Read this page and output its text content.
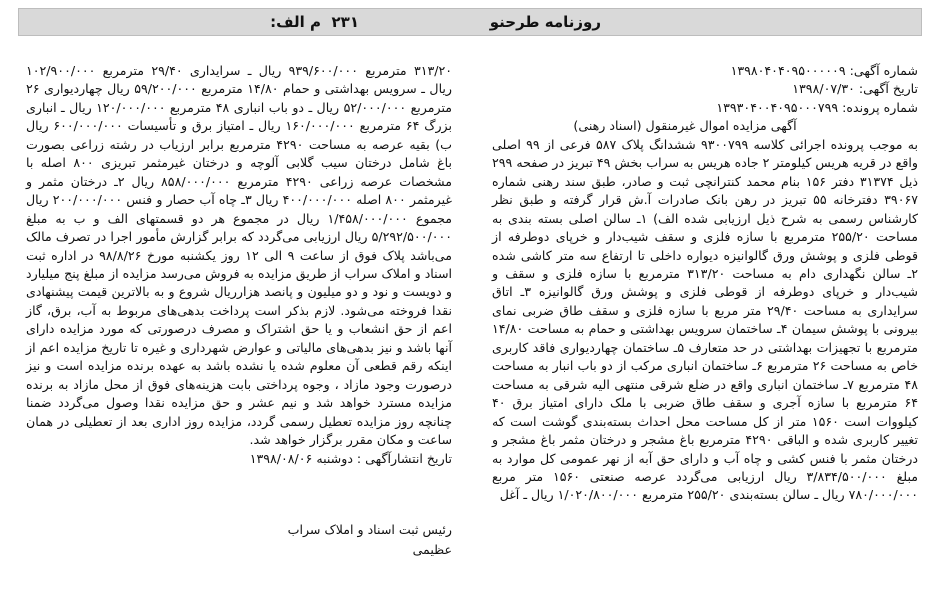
روزنامه طرحنو
۲۳۱
م الف:
شماره آگهی: ۱۳۹۸۰۴۰۴۰۹۵۰۰۰۰۰۹
تاریخ آگهی: ۱۳۹۸/۰۷/۳۰
شماره پرونده: ۱۳۹۳۰۴۰۰۴۰۹۵۰۰۰۷۹۹
آگهی مزایده اموال غیرمنقول (اسناد رهنی)

به موجب پرونده اجرائی کلاسه ۹۳۰۰۷۹۹ ششدانگ پلاک ۵۸۷ فرعی از ۹۹ اصلی واقع در قریه هریس کیلومتر ۲ جاده هریس به سراب بخش ۴۹ تبریز در صفحه ۲۹۹ ذیل ۳۱۳۷۴ دفتر ۱۵۶ بنام محمد کنترانچی ثبت و صادر، طبق سند رهنی شماره ۳۹۰۶۷ دفترخانه ۵۵ تبریز در رهن بانک صادرات آ.ش قرار گرفته و طبق نظر کارشناس رسمی به شرح ذیل ارزیابی شده الف) ۱ـ سالن اصلی بسته بندی به مساحت ۲۵۵/۲۰ مترمربع با سازه فلزی و سقف شیب‌دار و خرپای دوطرفه از قوطی فلزی و پوشش ورق گالوانیزه دیواره داخلی تا ارتفاع سه متر کاشی شده ۲ـ سالن نگهداری دام به مساحت ۳۱۳/۲۰ مترمربع با سازه فلزی و سقف و شیب‌دار و خرپای دوطرفه از قوطی فلزی و پوشش ورق گالوانیزه ۳ـ اتاق سرایداری به مساحت ۲۹/۴۰ متر مربع با سازه فلزی و سقف طاق ضربی نمای بیرونی با پوشش سیمان ۴ـ ساختمان سرویس بهداشتی و حمام به مساحت ۱۴/۸۰ مترمربع با تجهیزات بهداشتی در حد متعارف ۵ـ ساختمان چهاردیواری فاقد کاربری خاص به مساحت ۲۶ مترمربع ۶ـ ساختمان انباری مرکب از دو باب انبار به مساحت ۴۸ مترمربع ۷ـ ساختمان انباری واقع در ضلع شرقی منتهی الیه شرقی به مساحت ۶۴ مترمربع با سازه آجری و سقف طاق ضربی با ملک دارای امتیاز برق ۴۰ کیلووات است ۱۵۶۰ متر از کل مساحت محل احداث بسته‌بندی گوشت است که تغییر کاربری شده و الباقی ۴۲۹۰ مترمربع باغ مشجر و درختان مثمر باغ مشجر و درختان مثمر با فنس کشی و چاه آب و دارای حق آبه از نهر عمومی کل موارد به مبلغ ۳/۸۳۴/۵۰۰/۰۰۰ ریال ارزیابی می‌گردد عرصه صنعتی ۱۵۶۰ متر مربع ۷۸۰/۰۰۰/۰۰۰ ریال ـ سالن بسته‌بندی ۲۵۵/۲۰ مترمربع ۱/۰۲۰/۸۰۰/۰۰۰ ریال ـ آغل

۳۱۳/۲۰ مترمربع ۹۳۹/۶۰۰/۰۰۰ ریال ـ سرایداری ۲۹/۴۰ مترمربع ۱۰۲/۹۰۰/۰۰۰ ریال ـ سرویس بهداشتی و حمام ۱۴/۸۰ مترمربع ۵۹/۲۰۰/۰۰۰ ریال چهاردیواری ۲۶ مترمربع ۵۲/۰۰۰/۰۰۰ ریال ـ دو باب انباری ۴۸ مترمربع ۱۲۰/۰۰۰/۰۰۰ ریال ـ انباری بزرگ ۶۴ مترمربع ۱۶۰/۰۰۰/۰۰۰ ریال ـ امتیاز برق و تأسیسات ۶۰۰/۰۰۰/۰۰۰ ریال ب) بقیه عرصه به مساحت ۴۲۹۰ مترمربع برابر ارزیاب در رشته زراعی بصورت باغ شامل درختان سیب گلابی آلوچه و درختان غیرمثمر تبریزی ۸۰۰ اصله با مشخصات عرصه زراعی ۴۲۹۰ مترمربع ۸۵۸/۰۰۰/۰۰۰ ریال ۲ـ درختان مثمر و غیرمثمر ۸۰۰ اصله ۴۰۰/۰۰۰/۰۰۰ ریال ۳ـ چاه آب حصار و فنس ۲۰۰/۰۰۰/۰۰۰ ریال مجموع ۱/۴۵۸/۰۰۰/۰۰۰ ریال در مجموع هر دو قسمتهای الف و ب به مبلغ ۵/۲۹۲/۵۰۰/۰۰۰ ریال ارزیابی می‌گردد که برابر گزارش مأمور اجرا در تصرف مالک می‌باشد پلاک فوق از ساعت ۹ الی ۱۲ روز یکشنبه مورخ ۹۸/۸/۲۶ در اداره ثبت اسناد و املاک سراب از طریق مزایده به فروش می‌رسد مزایده از مبلغ پنج میلیارد و دویست و نود و دو میلیون و پانصد هزارریال شروع و به بالاترین قیمت پیشنهادی نقدا فروخته می‌شود. لازم بذکر است پرداخت بدهی‌های مربوط به آب، برق، گاز اعم از حق انشعاب و یا حق اشتراک و مصرف درصورتی که مورد مزایده دارای آنها باشد و نیز بدهی‌های مالیاتی و عوارض شهرداری و غیره تا تاریخ مزایده اعم از اینکه رقم قطعی آن معلوم شده یا نشده باشد به عهده برنده مزایده است و نیز درصورت وجود مازاد ، وجوه پرداختی بابت هزینه‌های فوق از محل مازاد به برنده مزایده مسترد خواهد شد و نیم عشر و حق مزایده نقدا وصول می‌گردد ضمنا چنانچه روز مزایده تعطیل رسمی گردد، مزایده روز اداری بعد از تعطیلی در همان ساعت و مکان مقرر برگزار خواهد شد.

تاریخ انتشارآگهی : دوشنبه ۱۳۹۸/۰۸/۰۶
رئیس ثبت اسناد و املاک سراب
عظیمی
